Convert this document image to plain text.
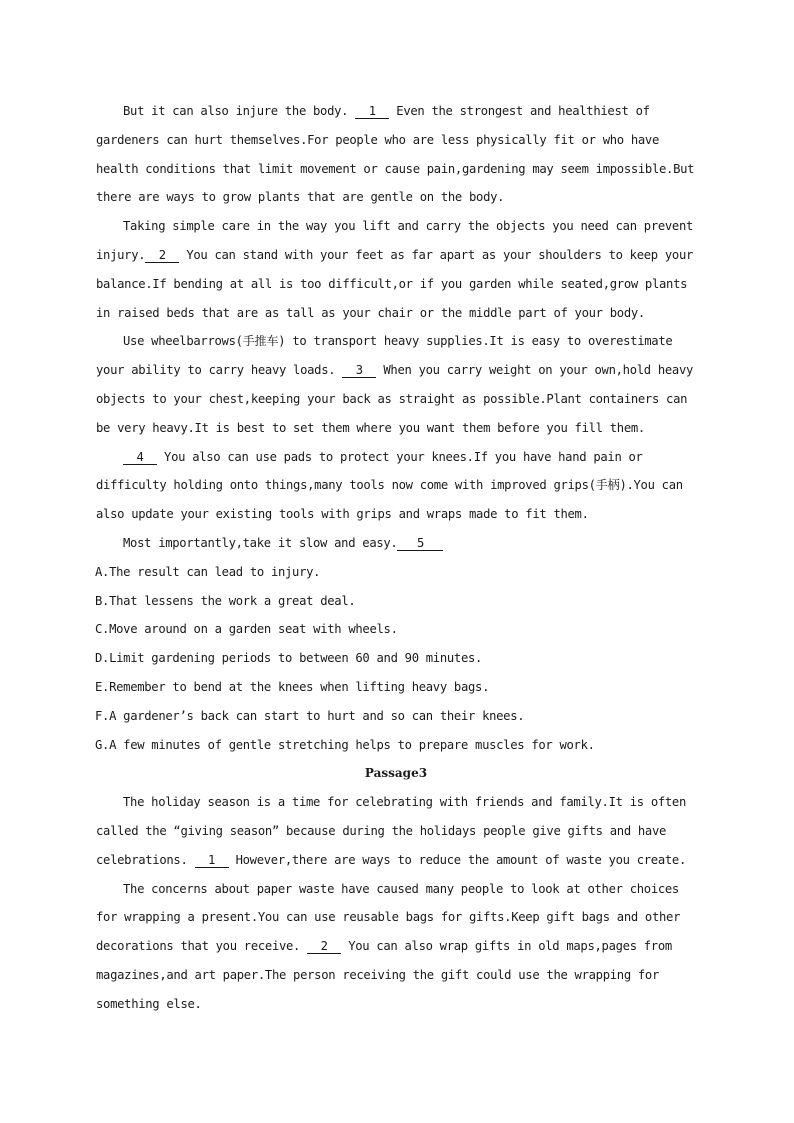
But it can also injure the body. 1 Even the strongest and healthiest of
gardeners can hurt themselves.For people who are less physically fit or who have
health conditions that limit movement or cause pain,gardening may seem impossible.But
there are ways to grow plants that are gentle on the body.
Taking simple care in the way you lift and carry the objects you need can prevent
injury. 2 You can stand with your feet as far apart as your shoulders to keep your
balance.If bending at all is too difficult,or if you garden while seated,grow plants
in raised beds that are as tall as your chair or the middle part of your body.
Use wheelbarrows(手推车) to transport heavy supplies.It is easy to overestimate
your ability to carry heavy loads. 3 When you carry weight on your own,hold heavy
objects to your chest,keeping your back as straight as possible.Plant containers can
be very heavy.It is best to set them where you want them before you fill them.
4 You also can use pads to protect your knees.If you have hand pain or
difficulty holding onto things,many tools now come with improved grips(手柄).You can
also update your existing tools with grips and wraps made to fit them.
Most importantly,take it slow and easy. 5
A.The result can lead to injury.
B.That lessens the work a great deal.
C.Move around on a garden seat with wheels.
D.Limit gardening periods to between 60 and 90 minutes.
E.Remember to bend at the knees when lifting heavy bags.
F.A gardener’s back can start to hurt and so can their knees.
G.A few minutes of gentle stretching helps to prepare muscles for work.
Passage3
The holiday season is a time for celebrating with friends and family.It is often
called the “giving season” because during the holidays people give gifts and have
celebrations. 1 However,there are ways to reduce the amount of waste you create.
The concerns about paper waste have caused many people to look at other choices
for wrapping a present.You can use reusable bags for gifts.Keep gift bags and other
decorations that you receive. 2 You can also wrap gifts in old maps,pages from
magazines,and art paper.The person receiving the gift could use the wrapping for
something else.
